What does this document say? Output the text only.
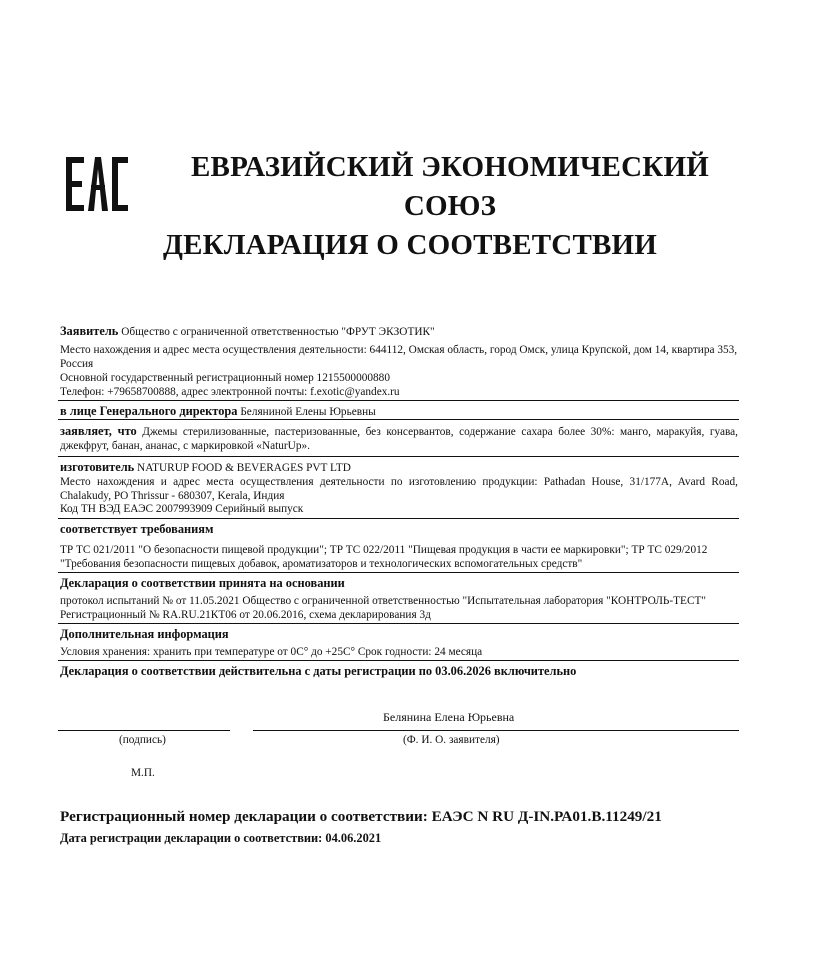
ЕВРАЗИЙСКИЙ ЭКОНОМИЧЕСКИЙ
СОЮЗ
ДЕКЛАРАЦИЯ О СООТВЕТСТВИИ
Заявитель Общество с ограниченной ответственностью "ФРУТ ЭКЗОТИК"
Место нахождения и адрес места осуществления деятельности: 644112, Омская область, город Омск, улица Крупской, дом 14, квартира 353, Россия
Основной государственный регистрационный номер 1215500000880
Телефон: +79658700888, адрес электронной почты: f.exotic@yandex.ru
в лице Генерального директора Белянинoй Елены Юрьевны
заявляет, что Джемы стерилизованные, пастеризованные, без консервантов, содержание сахара более 30%: манго, маракуйя, гуава, джекфрут, банан, ананас, с маркировкой «NaturUp».
изготовитель NATURUP FOOD & BEVERAGES PVT LTD
Место нахождения и адрес места осуществления деятельности по изготовлению продукции: Pathadan House, 31/177A, Avard Road, Chalakudy, PO Thrissur - 680307, Kerala, Индия
Код ТН ВЭД ЕАЭС 2007993909 Серийный выпуск
соответствует требованиям
ТР ТС 021/2011 "О безопасности пищевой продукции"; ТР ТС 022/2011 "Пищевая продукция в части ее маркировки"; ТР ТС 029/2012 "Требования безопасности пищевых добавок, ароматизаторов и технологических вспомогательных средств"
Декларация о соответствии принята на основании
протокол испытаний № от 11.05.2021 Общество с ограниченной ответственностью "Испытательная лаборатория "КОНТРОЛЬ-ТЕСТ" Регистрационный № RA.RU.21КТ06 от 20.06.2016, схема декларирования 3д
Дополнительная информация
Условия хранения: хранить при температуре от 0С° до +25С° Срок годности: 24 месяца
Декларация о соответствии действительна с даты регистрации по 03.06.2026 включительно
Белянина Елена Юрьевна
(подпись)	(Ф. И. О. заявителя)
М.П.
Регистрационный номер декларации о соответствии: ЕАЭС N RU Д-IN.РА01.В.11249/21
Дата регистрации декларации о соответствии: 04.06.2021
